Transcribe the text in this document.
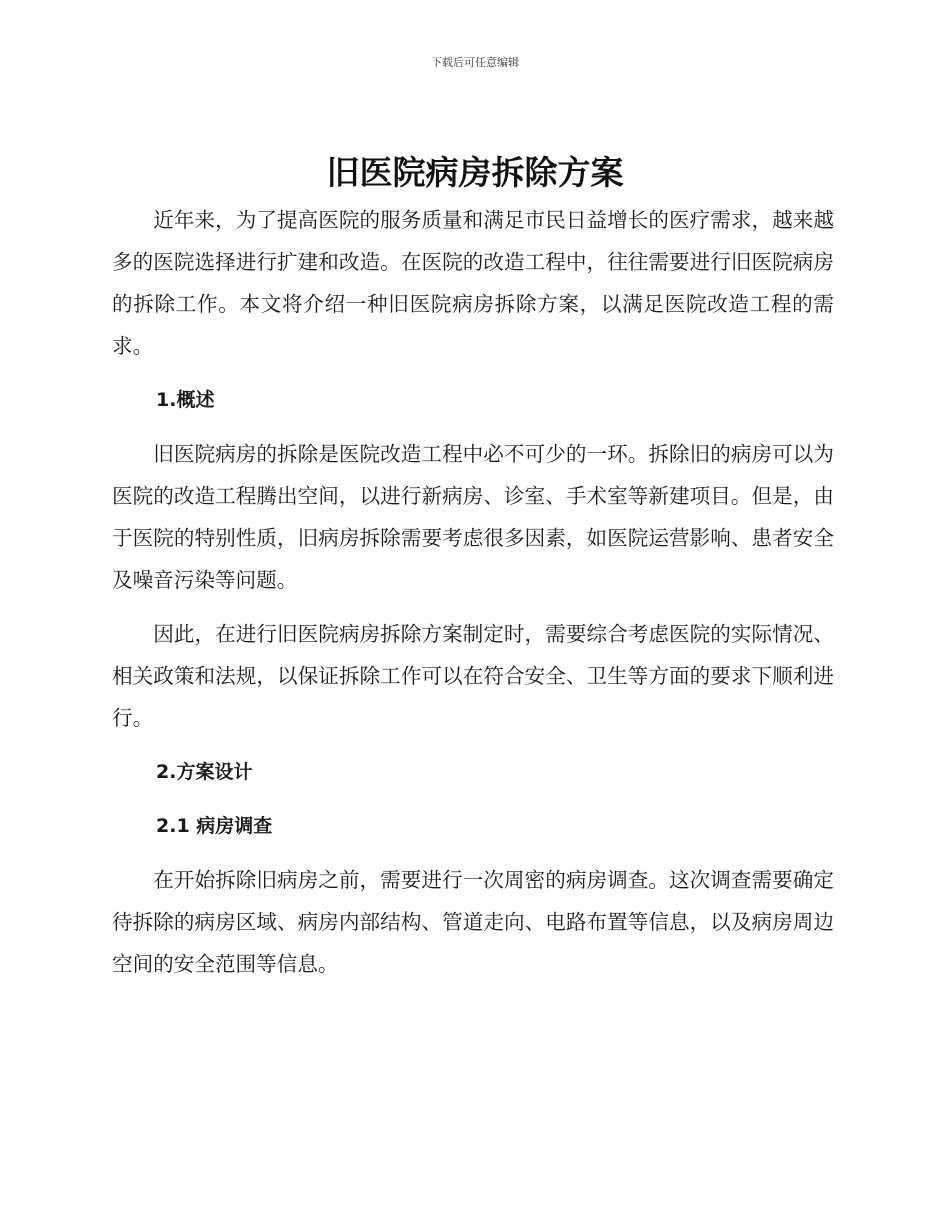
下载后可任意编辑
旧医院病房拆除方案

近年来，为了提高医院的服务质量和满足市民日益增长的医疗需求，越来越多的医院选择进行扩建和改造。在医院的改造工程中，往往需要进行旧医院病房的拆除工作。本文将介绍一种旧医院病房拆除方案，以满足医院改造工程的需求。

1.概述

旧医院病房的拆除是医院改造工程中必不可少的一环。拆除旧的病房可以为医院的改造工程腾出空间，以进行新病房、诊室、手术室等新建项目。但是，由于医院的特别性质，旧病房拆除需要考虑很多因素，如医院运营影响、患者安全及噪音污染等问题。

因此，在进行旧医院病房拆除方案制定时，需要综合考虑医院的实际情况、相关政策和法规，以保证拆除工作可以在符合安全、卫生等方面的要求下顺利进行。

2.方案设计
2.1 病房调查

在开始拆除旧病房之前，需要进行一次周密的病房调查。这次调查需要确定待拆除的病房区域、病房内部结构、管道走向、电路布置等信息，以及病房周边空间的安全范围等信息。
